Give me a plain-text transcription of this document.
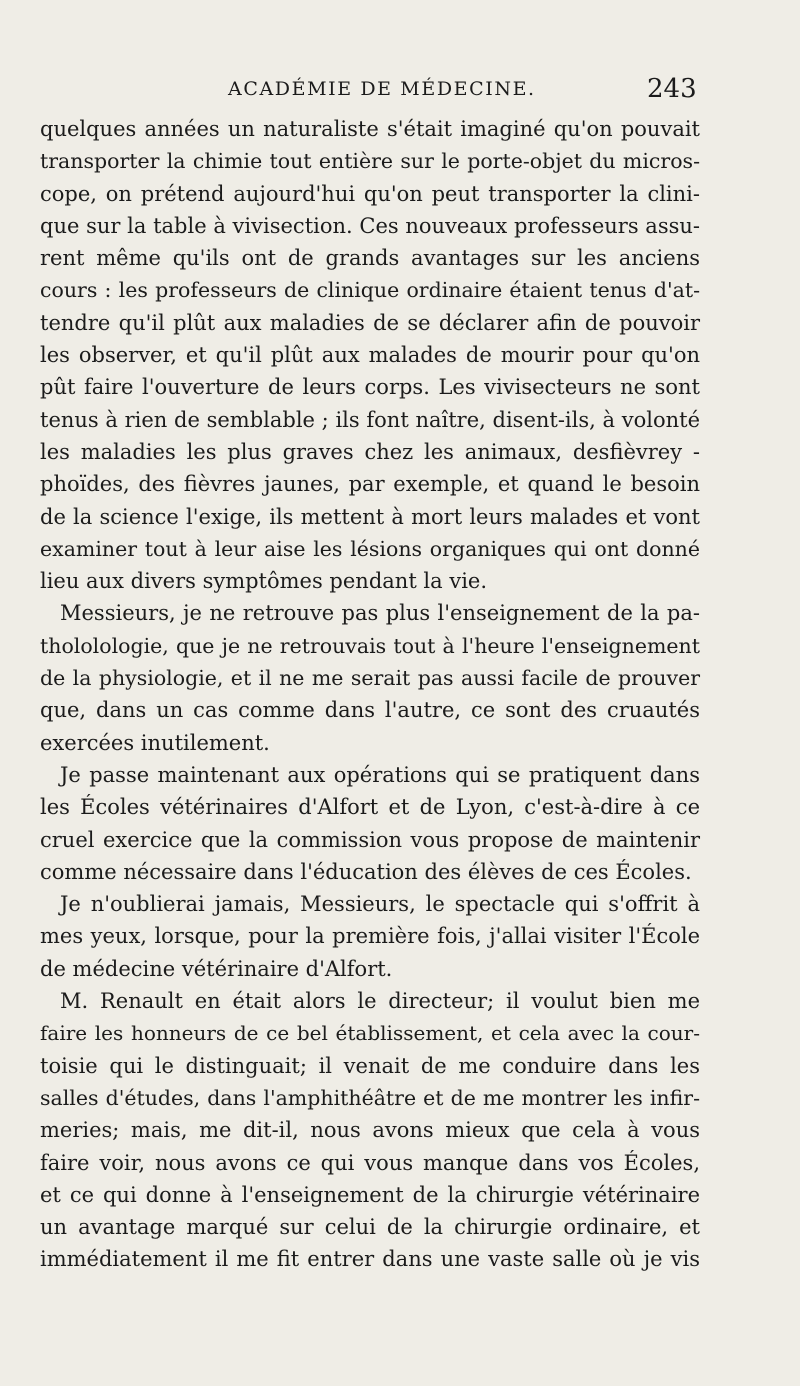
ACADÉMIE DE MÉDECINE.	243
quelques années un naturaliste s'était imaginé qu'on pouvait
transporter la chimie tout entière sur le porte-objet du micros-
cope, on prétend aujourd'hui qu'on peut transporter la clini-
que sur la table à vivisection. Ces nouveaux professeurs assu-
rent même qu'ils ont de grands avantages sur les anciens
cours : les professeurs de clinique ordinaire étaient tenus d'at-
tendre qu'il plût aux maladies de se déclarer afin de pouvoir
les observer, et qu'il plût aux malades de mourir pour qu'on
pût faire l'ouverture de leurs corps. Les vivisecteurs ne sont
tenus à rien de semblable ; ils font naître, disent-ils, à volonté
les maladies les plus graves chez les animaux, desfièvrey -
phoïdes, des fièvres jaunes, par exemple, et quand le besoin
de la science l'exige, ils mettent à mort leurs malades et vont
examiner tout à leur aise les lésions organiques qui ont donné
lieu aux divers symptômes pendant la vie.
Messieurs, je ne retrouve pas plus l'enseignement de la pa-
thololologie, que je ne retrouvais tout à l'heure l'enseignement
de la physiologie, et il ne me serait pas aussi facile de prouver
que, dans un cas comme dans l'autre, ce sont des cruautés
exercées inutilement.
Je passe maintenant aux opérations qui se pratiquent dans
les Écoles vétérinaires d'Alfort et de Lyon, c'est-à-dire à ce
cruel exercice que la commission vous propose de maintenir
comme nécessaire dans l'éducation des élèves de ces Écoles.
Je n'oublierai jamais, Messieurs, le spectacle qui s'offrit à
mes yeux, lorsque, pour la première fois, j'allai visiter l'École
de médecine vétérinaire d'Alfort.
M. Renault en était alors le directeur; il voulut bien me
faire les honneurs de ce bel établissement, et cela avec la cour-
toisie qui le distinguait; il venait de me conduire dans les
salles d'études, dans l'amphithéâtre et de me montrer les infir-
meries; mais, me dit-il, nous avons mieux que cela à vous
faire voir, nous avons ce qui vous manque dans vos Écoles,
et ce qui donne à l'enseignement de la chirurgie vétérinaire
un avantage marqué sur celui de la chirurgie ordinaire, et
immédiatement il me fit entrer dans une vaste salle où je vis
